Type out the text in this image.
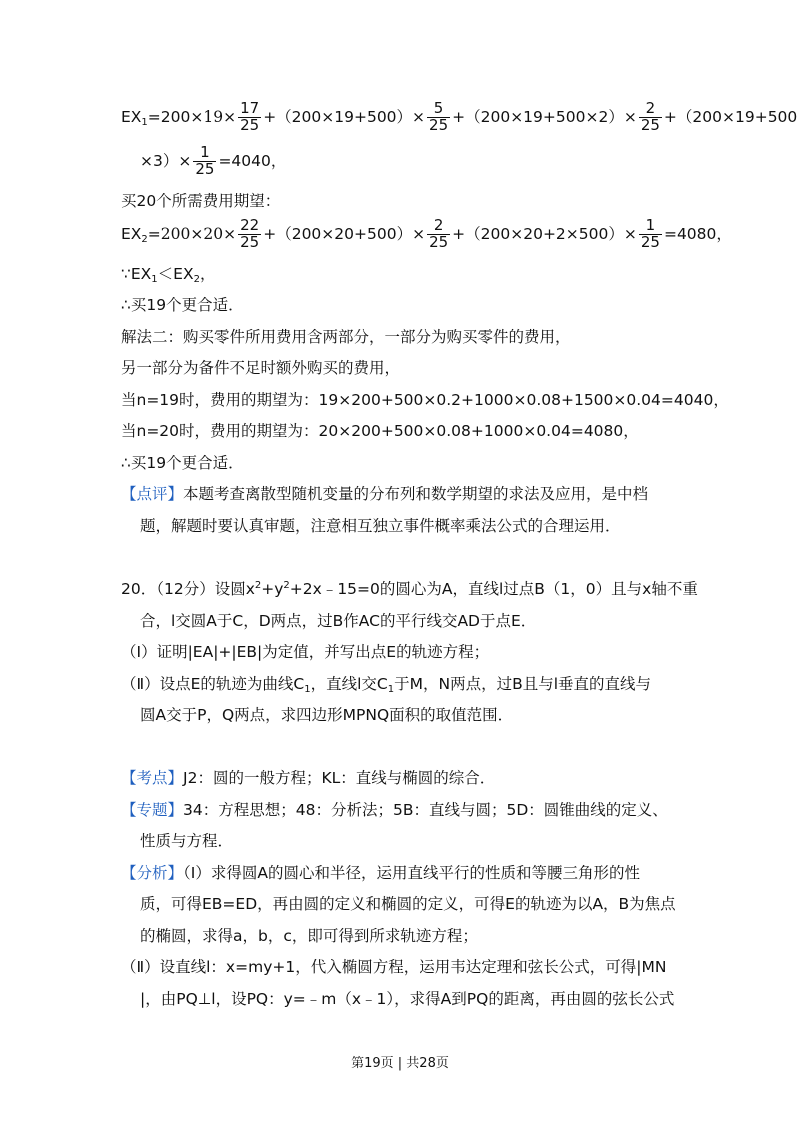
$EX_1=200\times 19\times \frac{17}{25} +(200\times 19+500)\times \frac{5}{25} +(200\times 19+500\times 2)\times \frac{2}{25} +(200\times 19+500$
$\times 3)\times \frac{1}{25} =4040$，
买20个所需费用期望：
$EX_2=200\times 20\times \frac{22}{25} +(200\times 20+500)\times \frac{2}{25} +(200\times 20+2\times 500)\times \frac{1}{25} =4080$，
$\because EX_1<EX_2$，
∴买19个更合适．
解法二：购买零件所用费用含两部分，一部分为购买零件的费用，
另一部分为备件不足时额外购买的费用，
当n=19时，费用的期望为：19×200+500×0.2+1000×0.08+1500×0.04=4040，
当n=20时，费用的期望为：20×200+500×0.08+1000×0.04=4080，
∴买19个更合适．
【点评】本题考查离散型随机变量的分布列和数学期望的求法及应用，是中档
题，解题时要认真审题，注意相互独立事件概率乘法公式的合理运用．
20．（12分）设圆$x^2+y^2+2x﹣15=0$的圆心为A，直线l过点B（1，0）且与x轴不重
合，l交圆A于C，D两点，过B作AC的平行线交AD于点E．
（Ⅰ）证明|EA|+|EB|为定值，并写出点E的轨迹方程；
（Ⅱ）设点E的轨迹为曲线$C_1$，直线l交$C_1$于M，N两点，过B且与l垂直的直线与
圆A交于P，Q两点，求四边形MPNQ面积的取值范围．
【考点】J2：圆的一般方程；KL：直线与椭圆的综合．
【专题】34：方程思想；48：分析法；5B：直线与圆；5D：圆锥曲线的定义、
性质与方程．
【分析】（Ⅰ）求得圆A的圆心和半径，运用直线平行的性质和等腰三角形的性
质，可得EB=ED，再由圆的定义和椭圆的定义，可得E的轨迹为以A，B为焦点
的椭圆，求得a，b，c，即可得到所求轨迹方程；
（Ⅱ）设直线l：x=my+1，代入椭圆方程，运用韦达定理和弦长公式，可得|MN
|，由PQ⊥l，设PQ：y=﹣m（x﹣1），求得A到PQ的距离，再由圆的弦长公式
第19页 | 共28页
